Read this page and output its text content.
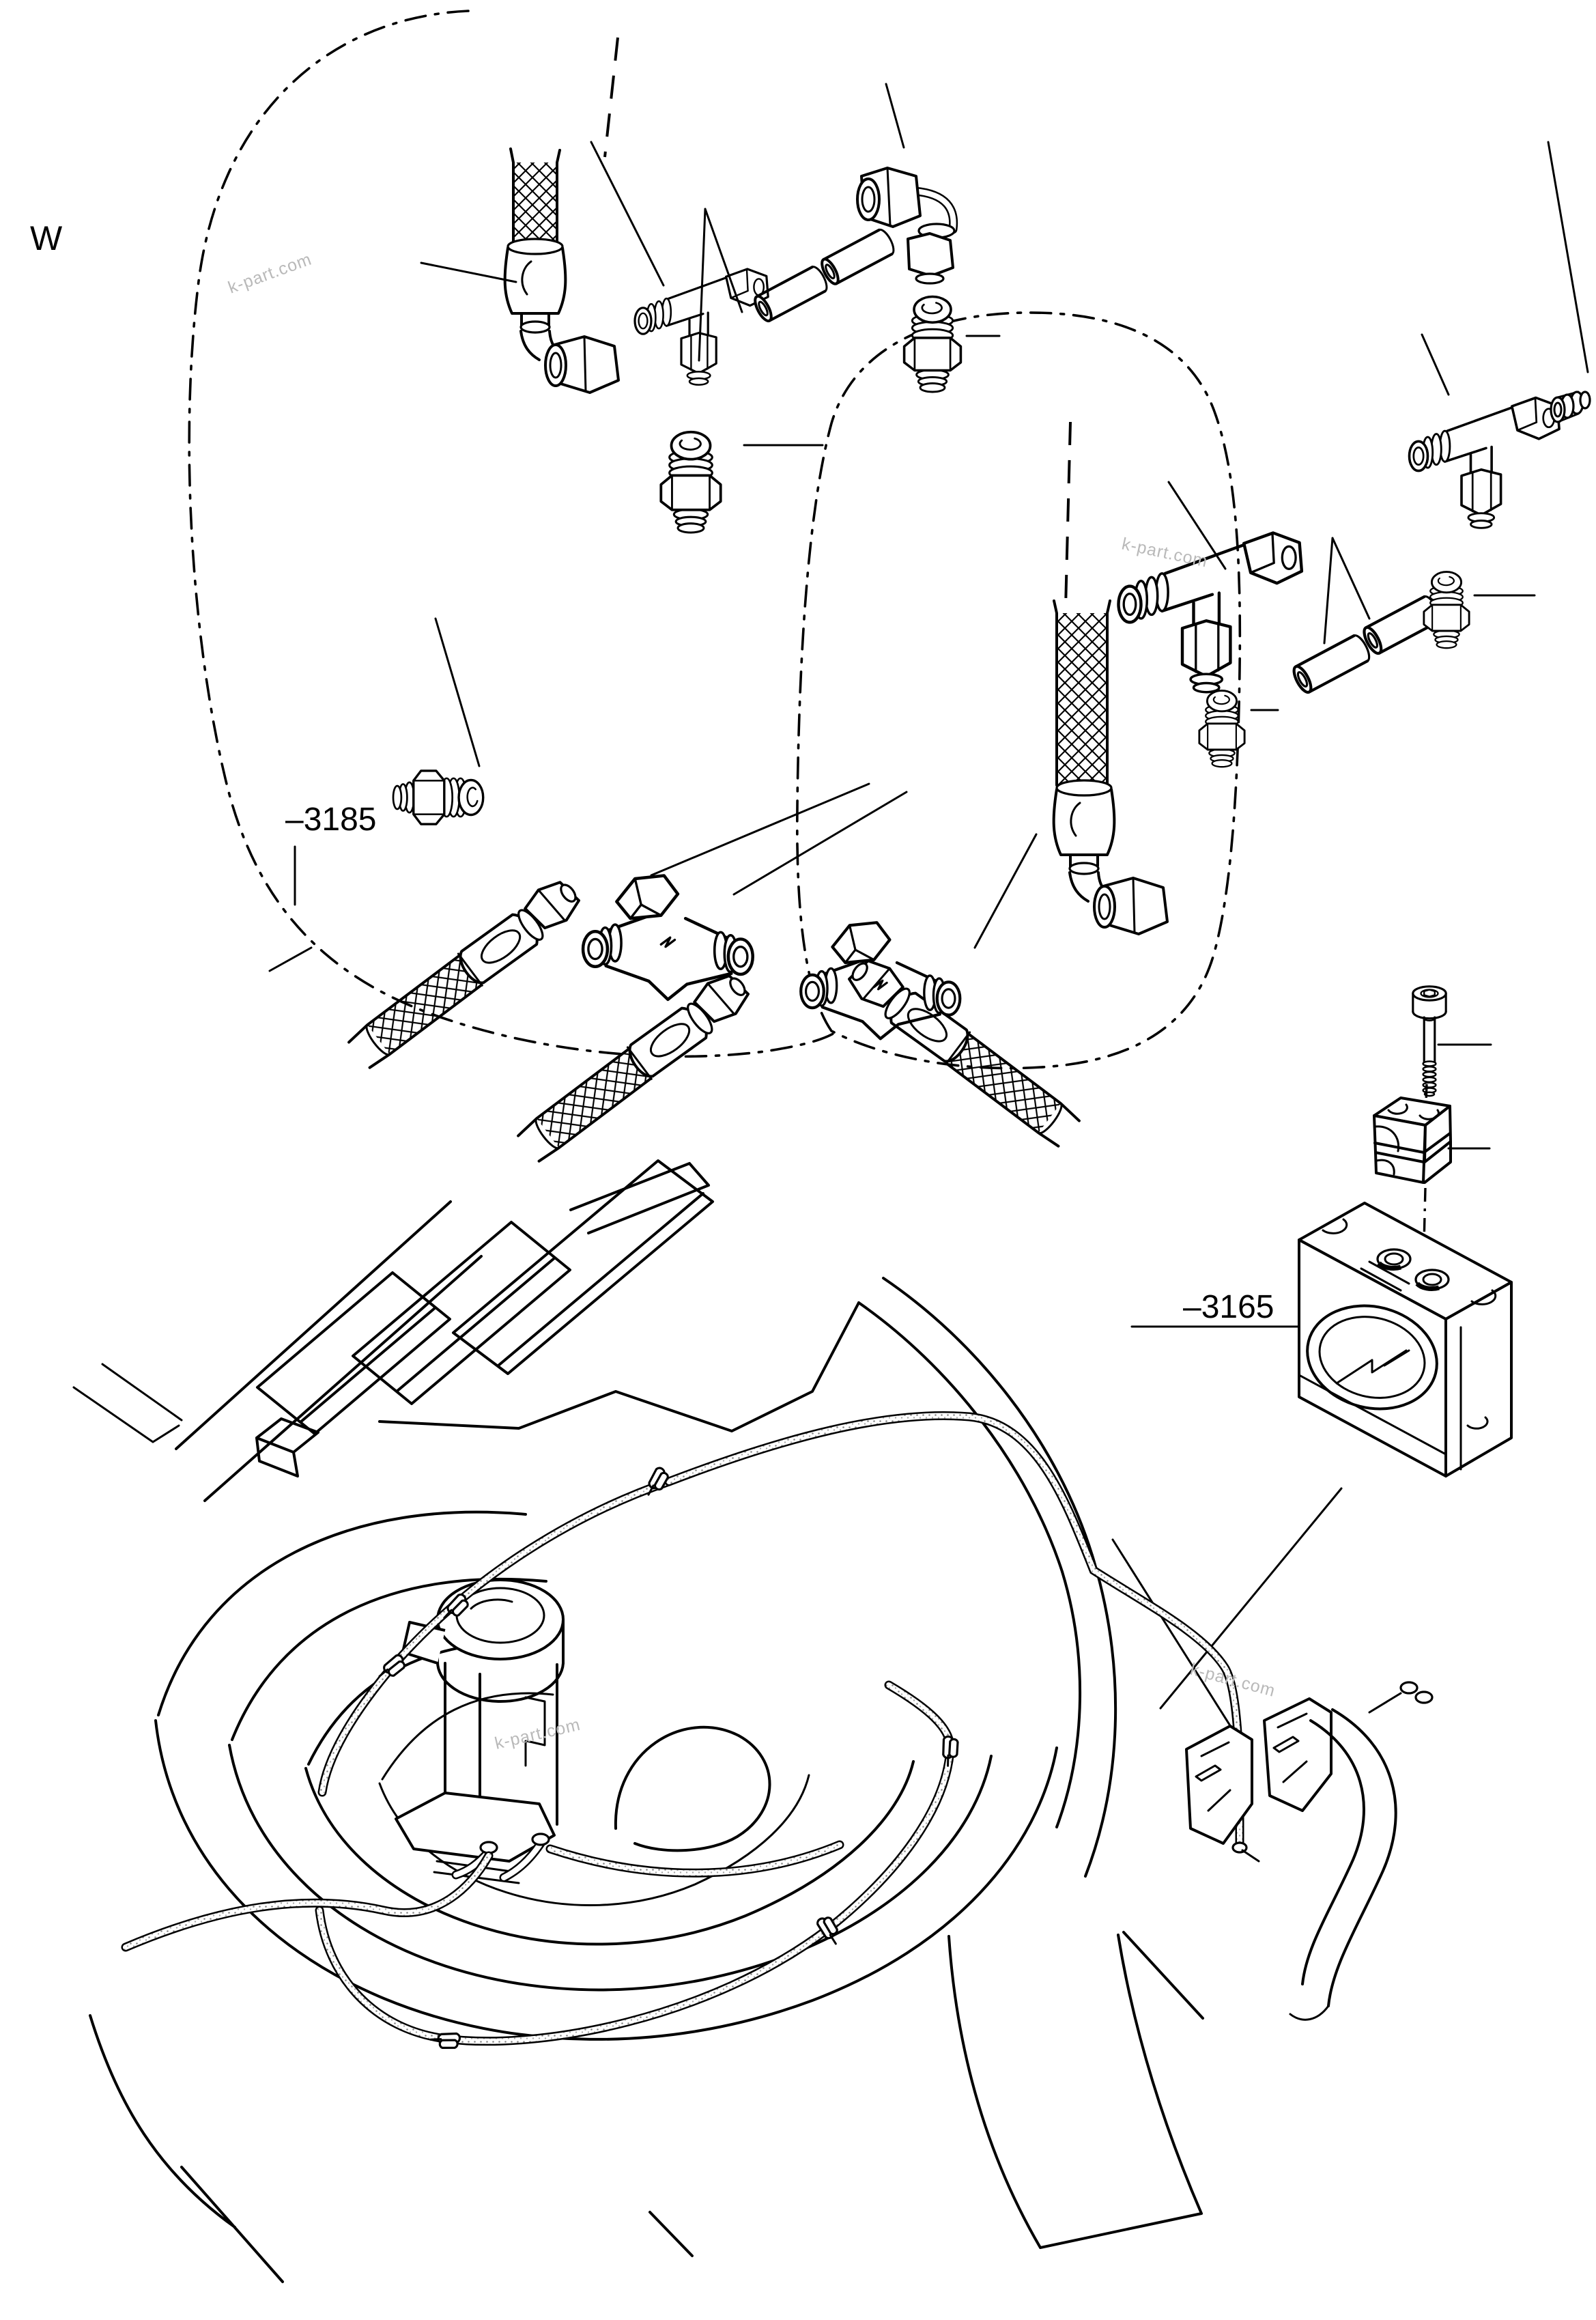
W
–3185
–3165
k-part.com
k-part.com
k-part.com
k-part.com
